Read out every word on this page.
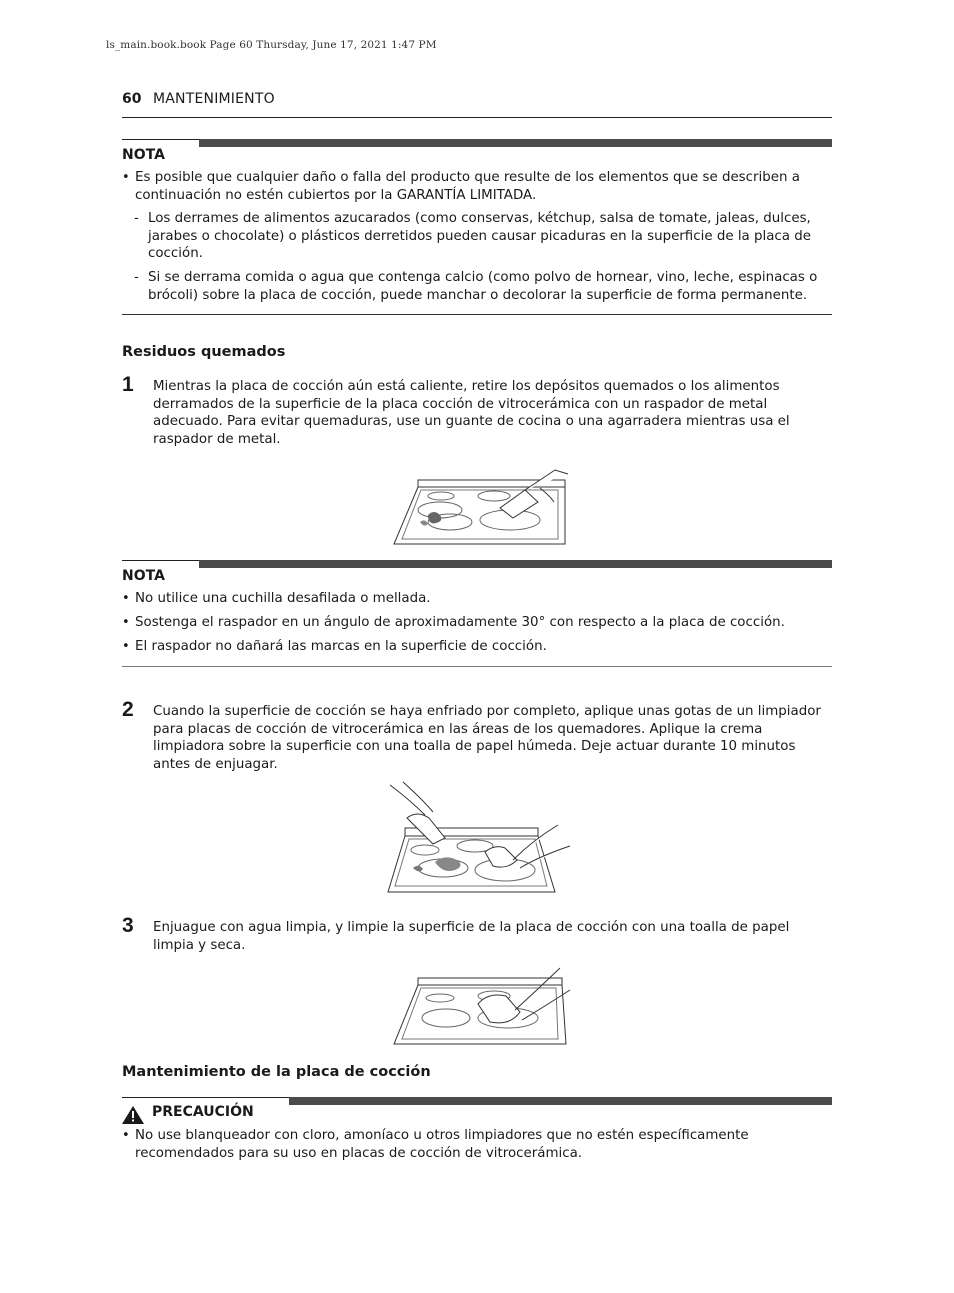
ls_main.book.book Page 60 Thursday, June 17, 2021 1:47 PM
60 MANTENIMIENTO
NOTA
• Es posible que cualquier daño o falla del producto que resulte de los elementos que se describen a continuación no estén cubiertos por la GARANTÍA LIMITADA.
- Los derrames de alimentos azucarados (como conservas, kétchup, salsa de tomate, jaleas, dulces, jarabes o chocolate) o plásticos derretidos pueden causar picaduras en la superficie de la placa de cocción.
- Si se derrama comida o agua que contenga calcio (como polvo de hornear, vino, leche, espinacas o brócoli) sobre la placa de cocción, puede manchar o decolorar la superficie de forma permanente.
Residuos quemados
1 Mientras la placa de cocción aún está caliente, retire los depósitos quemados o los alimentos derramados de la superficie de la placa cocción de vitrocerámica con un raspador de metal adecuado. Para evitar quemaduras, use un guante de cocina o una agarradera mientras usa el raspador de metal.
NOTA
• No utilice una cuchilla desafilada o mellada.
• Sostenga el raspador en un ángulo de aproximadamente 30° con respecto a la placa de cocción.
• El raspador no dañará las marcas en la superficie de cocción.
2 Cuando la superficie de cocción se haya enfriado por completo, aplique unas gotas de un limpiador para placas de cocción de vitrocerámica en las áreas de los quemadores. Aplique la crema limpiadora sobre la superficie con una toalla de papel húmeda. Deje actuar durante 10 minutos antes de enjuagar.
3 Enjuague con agua limpia, y limpie la superficie de la placa de cocción con una toalla de papel limpia y seca.
Mantenimiento de la placa de cocción
PRECAUCIÓN
• No use blanqueador con cloro, amoníaco u otros limpiadores que no estén específicamente recomendados para su uso en placas de cocción de vitrocerámica.
